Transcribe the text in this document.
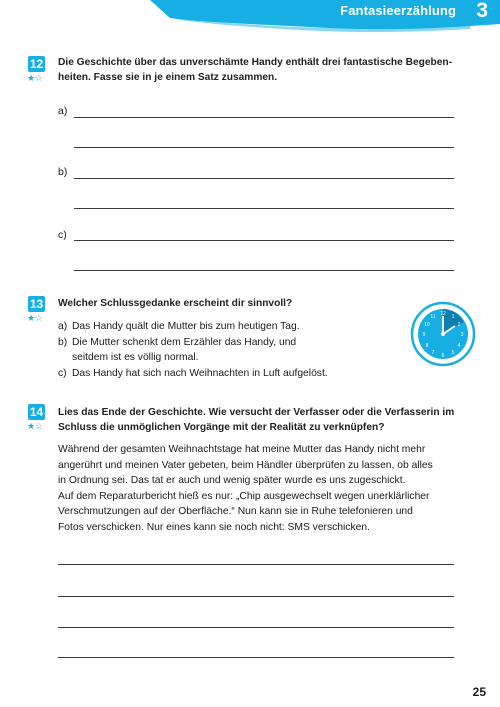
Fantasieerzählung 3
12
★☆
Die Geschichte über das unverschämte Handy enthält drei fantastische Begeben-
heiten. Fasse sie in je einem Satz zusammen.
a)
b)
c)
13
★☆
Welcher Schlussgedanke erscheint dir sinnvoll?
a) Das Handy quält die Mutter bis zum heutigen Tag.
b) Die Mutter schenkt dem Erzähler das Handy, und
seitdem ist es völlig normal.
c) Das Handy hat sich nach Weihnachten in Luft aufgelöst.
12
3
6
9
1
2
4
5
7
8
10
11
14
★☆
Lies das Ende der Geschichte. Wie versucht der Verfasser oder die Verfasserin im
Schluss die unmöglichen Vorgänge mit der Realität zu verknüpfen?
Während der gesamten Weihnachtstage hat meine Mutter das Handy nicht mehr
angerührt und meinen Vater gebeten, beim Händler überprüfen zu lassen, ob alles
in Ordnung sei. Das tat er auch und wenig später wurde es uns zugeschickt.
Auf dem Reparaturbericht hieß es nur: „Chip ausgewechselt wegen unerklärlicher
Verschmutzungen auf der Oberfläche.“ Nun kann sie in Ruhe telefonieren und
Fotos verschicken. Nur eines kann sie noch nicht: SMS verschicken.
25
